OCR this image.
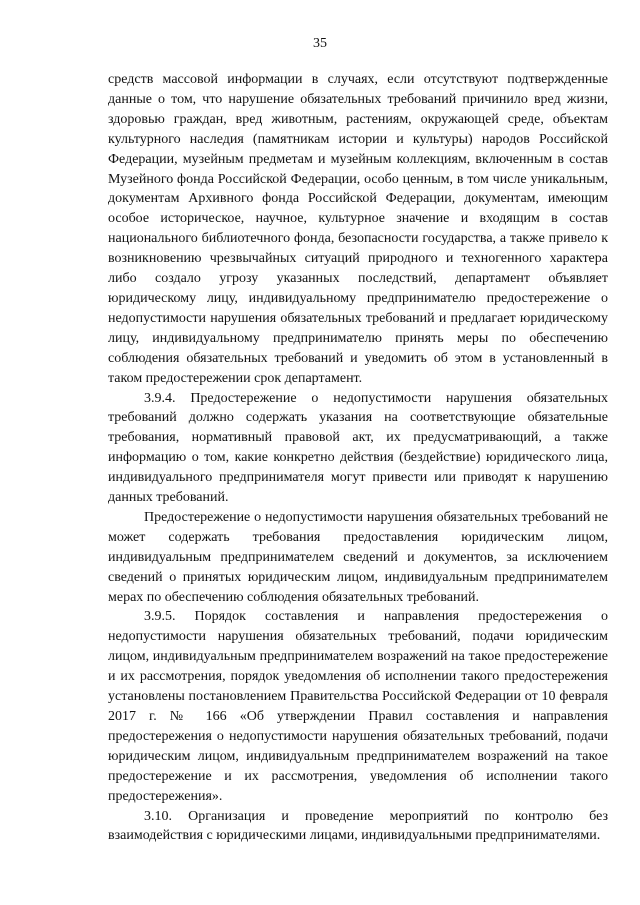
35

средств массовой информации в случаях, если отсутствуют подтвержденные данные о том, что нарушение обязательных требований причинило вред жизни, здоровью граждан, вред животным, растениям, окружающей среде, объектам культурного наследия (памятникам истории и культуры) народов Российской Федерации, музейным предметам и музейным коллекциям, включенным в состав Музейного фонда Российской Федерации, особо ценным, в том числе уникальным, документам Архивного фонда Российской Федерации, документам, имеющим особое историческое, научное, культурное значение и входящим в состав национального библиотечного фонда, безопасности государства, а также привело к возникновению чрезвычайных ситуаций природного и техногенного характера либо создало угрозу указанных последствий, департамент объявляет юридическому лицу, индивидуальному предпринимателю предостережение о недопустимости нарушения обязательных требований и предлагает юридическому лицу, индивидуальному предпринимателю принять меры по обеспечению соблюдения обязательных требований и уведомить об этом в установленный в таком предостережении срок департамент.

3.9.4. Предостережение о недопустимости нарушения обязательных требований должно содержать указания на соответствующие обязательные требования, нормативный правовой акт, их предусматривающий, а также информацию о том, какие конкретно действия (бездействие) юридического лица, индивидуального предпринимателя могут привести или приводят к нарушению данных требований.

Предостережение о недопустимости нарушения обязательных требований не может содержать требования предоставления юридическим лицом, индивидуальным предпринимателем сведений и документов, за исключением сведений о принятых юридическим лицом, индивидуальным предпринимателем мерах по обеспечению соблюдения обязательных требований.

3.9.5. Порядок составления и направления предостережения о недопустимости нарушения обязательных требований, подачи юридическим лицом, индивидуальным предпринимателем возражений на такое предостережение и их рассмотрения, порядок уведомления об исполнении такого предостережения установлены постановлением Правительства Российской Федерации от 10 февраля 2017 г. № 166 «Об утверждении Правил составления и направления предостережения о недопустимости нарушения обязательных требований, подачи юридическим лицом, индивидуальным предпринимателем возражений на такое предостережение и их рассмотрения, уведомления об исполнении такого предостережения».

3.10. Организация и проведение мероприятий по контролю без взаимодействия с юридическими лицами, индивидуальными предпринимателями.
